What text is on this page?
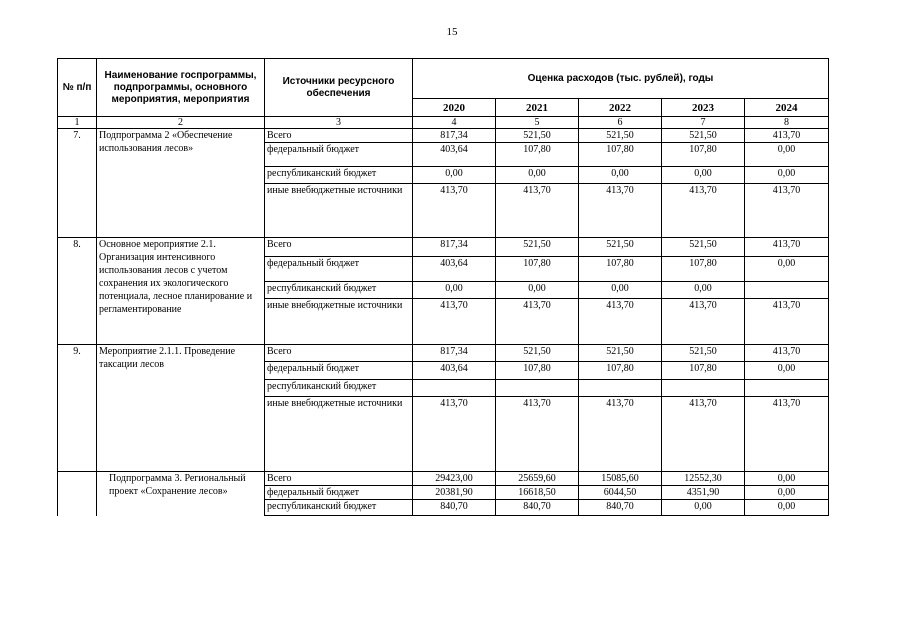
15
№ п/п	Наименование госпрограммы, подпрограммы, основного мероприятия, мероприятия	Источники ресурсного обеспечения	Оценка расходов (тыс. рублей), годы				
			2020	2021	2022	2023	2024
1	2	3	4	5	6	7	8
7.	Подпрограмма 2 «Обеспечение использования лесов»	Всего	817,34	521,50	521,50	521,50	413,70
		федеральный бюджет	403,64	107,80	107,80	107,80	0,00
		республиканский бюджет	0,00	0,00	0,00	0,00	0,00
		иные внебюджетные источники	413,70	413,70	413,70	413,70	413,70
8.	Основное мероприятие 2.1. Организация интенсивного использования лесов с учетом сохранения их экологического потенциала, лесное планирование и регламентирование	Всего	817,34	521,50	521,50	521,50	413,70
		федеральный бюджет	403,64	107,80	107,80	107,80	0,00
		республиканский бюджет	0,00	0,00	0,00	0,00	
		иные внебюджетные источники	413,70	413,70	413,70	413,70	413,70
9.	Мероприятие 2.1.1. Проведение таксации лесов	Всего	817,34	521,50	521,50	521,50	413,70
		федеральный бюджет	403,64	107,80	107,80	107,80	0,00
		республиканский бюджет					
		иные внебюджетные источники	413,70	413,70	413,70	413,70	413,70
	Подпрограмма 3. Региональный проект «Сохранение лесов»	Всего	29423,00	25659,60	15085,60	12552,30	0,00
		федеральный бюджет	20381,90	16618,50	6044,50	4351,90	0,00
		республиканский бюджет	840,70	840,70	840,70	0,00	0,00
